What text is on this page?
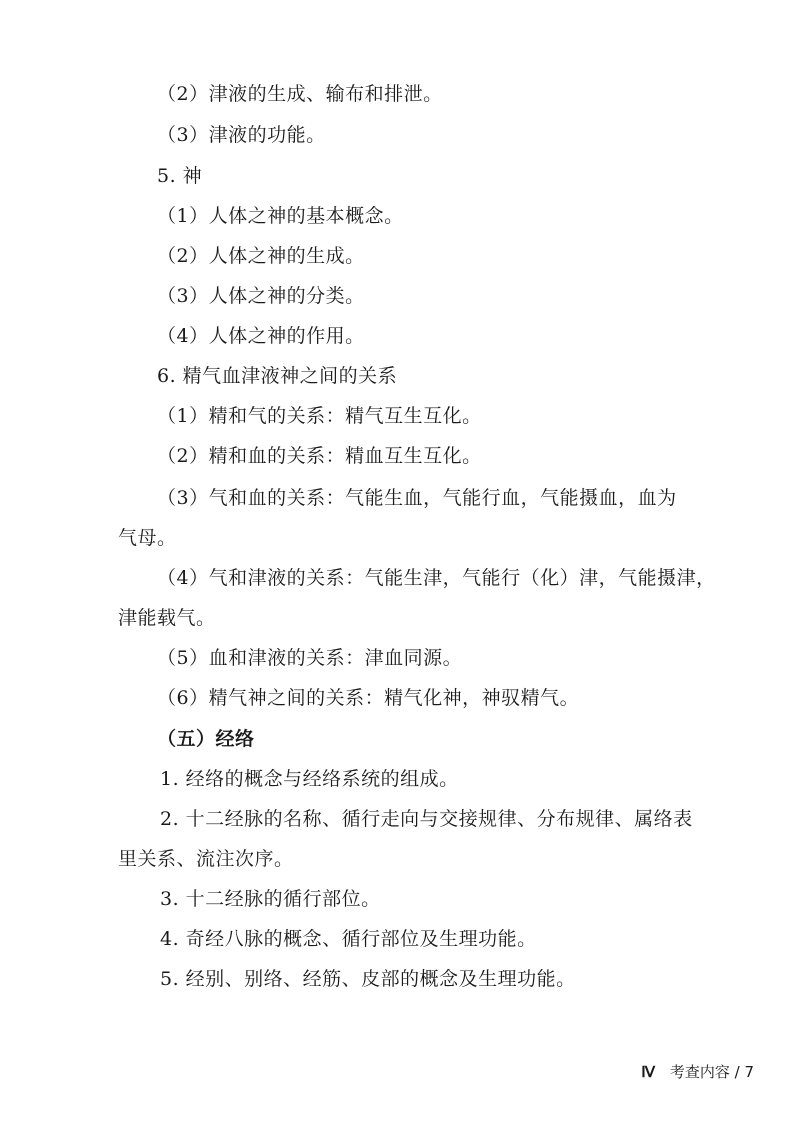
（2）津液的生成、输布和排泄。
（3）津液的功能。
5. 神
（1）人体之神的基本概念。
（2）人体之神的生成。
（3）人体之神的分类。
（4）人体之神的作用。
6. 精气血津液神之间的关系
（1）精和气的关系：精气互生互化。
（2）精和血的关系：精血互生互化。
（3）气和血的关系：气能生血，气能行血，气能摄血，血为
气母。
（4）气和津液的关系：气能生津，气能行（化）津，气能摄津，
津能载气。
（5）血和津液的关系：津血同源。
（6）精气神之间的关系：精气化神，神驭精气。
（五）经络
1. 经络的概念与经络系统的组成。
2. 十二经脉的名称、循行走向与交接规律、分布规律、属络表
里关系、流注次序。
3. 十二经脉的循行部位。
4. 奇经八脉的概念、循行部位及生理功能。
5. 经别、别络、经筋、皮部的概念及生理功能。
Ⅳ 考查内容 / 7
